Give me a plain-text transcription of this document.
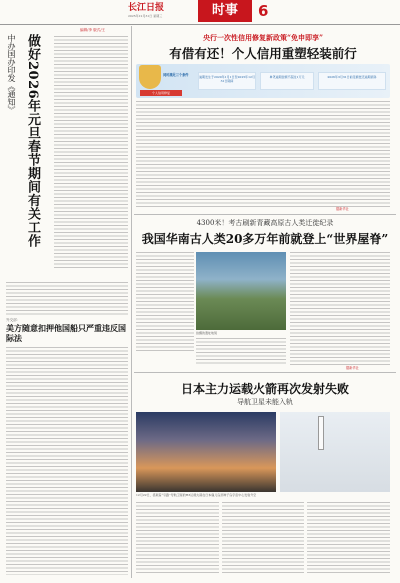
长江日报
2025年12月31日 星期三	时事	6
编辑/李 版式/王
做好2026年元旦春节期间有关工作
中办国办印发《通知》
外交部：
美方随意扣押他国船只严重违反国际法
央行一次性信用修复新政策“免申即享”
有借有还！个人信用重塑轻装前行
同时满足三个条件
个人信用修复
逾期发生于2020年1月1日至2025年12月31日期间
单笔逾期金额不超过1万元	2026年3月31日前足额偿还逾期债务
据新华社
4300米！考古刷新青藏高原古人类迁徙纪录
我国华南古人类20多万年前就登上“世界屋脊”
拍摄的遗址地貌
据新华社
日本主力运载火箭再次发射失败
导航卫星未能入轨
12月22日，搭载着“引路”导航卫星的H3运载火箭在日本鹿儿岛县种子岛宇宙中心发射升空
